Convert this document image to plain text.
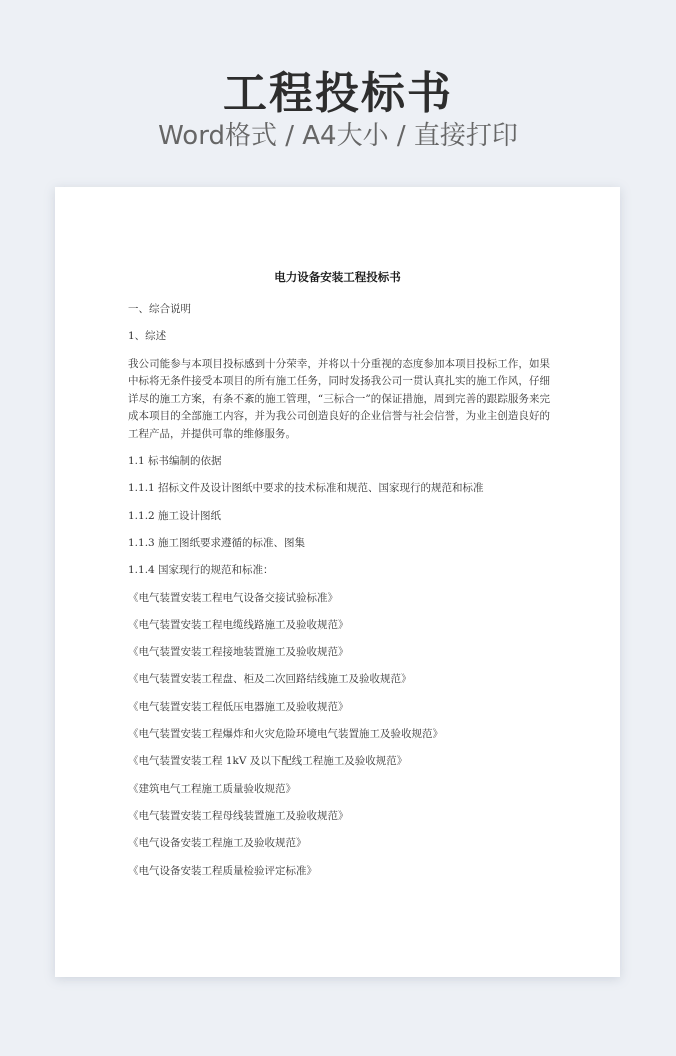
工程投标书
Word格式 / A4大小 / 直接打印
电力设备安装工程投标书
一、综合说明
1、综述
我公司能参与本项目投标感到十分荣幸，并将以十分重视的态度参加本项目投标工作，如果中标将无条件接受本项目的所有施工任务，同时发扬我公司一贯认真扎实的施工作风，仔细详尽的施工方案，有条不紊的施工管理，“三标合一”的保证措施，周到完善的跟踪服务来完成本项目的全部施工内容，并为我公司创造良好的企业信誉与社会信誉，为业主创造良好的工程产品，并提供可靠的维修服务。
1.1 标书编制的依据
1.1.1 招标文件及设计图纸中要求的技术标准和规范、国家现行的规范和标准
1.1.2 施工设计图纸
1.1.3 施工图纸要求遵循的标准、图集
1.1.4 国家现行的规范和标准：
《电气装置安装工程电气设备交接试验标准》
《电气装置安装工程电缆线路施工及验收规范》
《电气装置安装工程接地装置施工及验收规范》
《电气装置安装工程盘、柜及二次回路结线施工及验收规范》
《电气装置安装工程低压电器施工及验收规范》
《电气装置安装工程爆炸和火灾危险环境电气装置施工及验收规范》
《电气装置安装工程 1kV 及以下配线工程施工及验收规范》
《建筑电气工程施工质量验收规范》
《电气装置安装工程母线装置施工及验收规范》
《电气设备安装工程施工及验收规范》
《电气设备安装工程质量检验评定标准》
